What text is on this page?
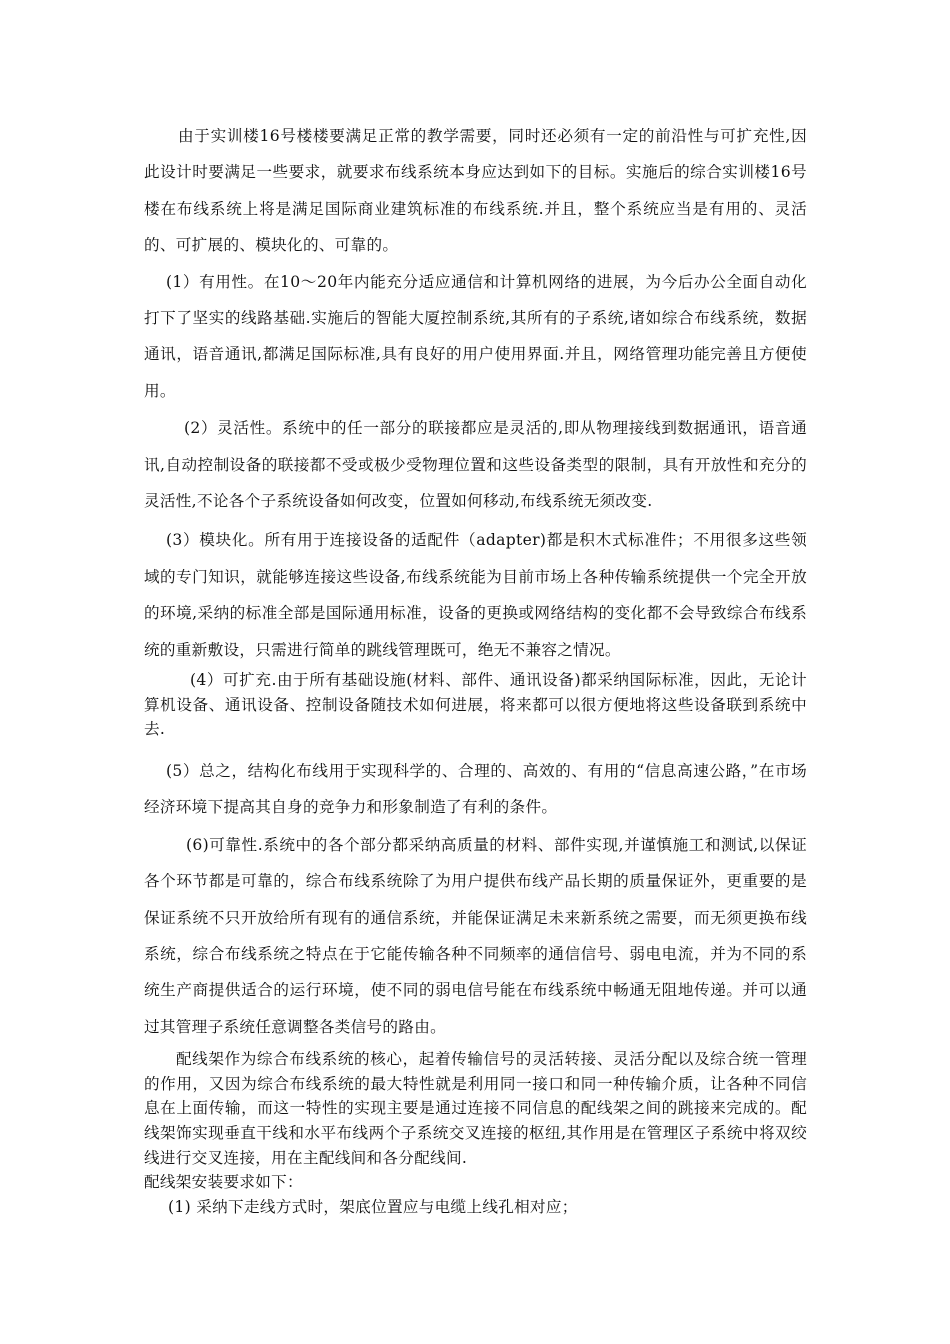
由于实训楼16号楼楼要满足正常的教学需要，同时还必须有一定的前沿性与可扩充性,因此设计时要满足一些要求，就要求布线系统本身应达到如下的目标。实施后的综合实训楼16号楼在布线系统上将是满足国际商业建筑标准的布线系统.并且，整个系统应当是有用的、灵活的、可扩展的、模块化的、可靠的。

(1）有用性。在10～20年内能充分适应通信和计算机网络的进展，为今后办公全面自动化打下了坚实的线路基础.实施后的智能大厦控制系统,其所有的子系统,诸如综合布线系统，数据通讯，语音通讯,都满足国际标准,具有良好的用户使用界面.并且，网络管理功能完善且方便使用。

(2）灵活性。系统中的任一部分的联接都应是灵活的,即从物理接线到数据通讯，语音通讯,自动控制设备的联接都不受或极少受物理位置和这些设备类型的限制，具有开放性和充分的灵活性,不论各个子系统设备如何改变，位置如何移动,布线系统无须改变.

(3）模块化。所有用于连接设备的适配件（adapter)都是积木式标准件；不用很多这些领域的专门知识，就能够连接这些设备,布线系统能为目前市场上各种传输系统提供一个完全开放的环境,采纳的标准全部是国际通用标准，设备的更换或网络结构的变化都不会导致综合布线系统的重新敷设，只需进行简单的跳线管理既可，绝无不兼容之情况。

(4）可扩充.由于所有基础设施(材料、部件、通讯设备)都采纳国际标准，因此，无论计算机设备、通讯设备、控制设备随技术如何进展，将来都可以很方便地将这些设备联到系统中去.

(5）总之，结构化布线用于实现科学的、合理的、高效的、有用的“信息高速公路，”在市场经济环境下提高其自身的竞争力和形象制造了有利的条件。

(6)可靠性.系统中的各个部分都采纳高质量的材料、部件实现,并谨慎施工和测试,以保证各个环节都是可靠的，综合布线系统除了为用户提供布线产品长期的质量保证外，更重要的是保证系统不只开放给所有现有的通信系统，并能保证满足未来新系统之需要，而无须更换布线系统，综合布线系统之特点在于它能传输各种不同频率的通信信号、弱电电流，并为不同的系统生产商提供适合的运行环境，使不同的弱电信号能在布线系统中畅通无阻地传递。并可以通过其管理子系统任意调整各类信号的路由。

配线架作为综合布线系统的核心，起着传输信号的灵活转接、灵活分配以及综合统一管理的作用，又因为综合布线系统的最大特性就是利用同一接口和同一种传输介质，让各种不同信息在上面传输，而这一特性的实现主要是通过连接不同信息的配线架之间的跳接来完成的。配线架饰实现垂直干线和水平布线两个子系统交叉连接的枢纽,其作用是在管理区子系统中将双绞线进行交叉连接，用在主配线间和各分配线间.

配线架安装要求如下：

(1) 采纳下走线方式时，架底位置应与电缆上线孔相对应；
